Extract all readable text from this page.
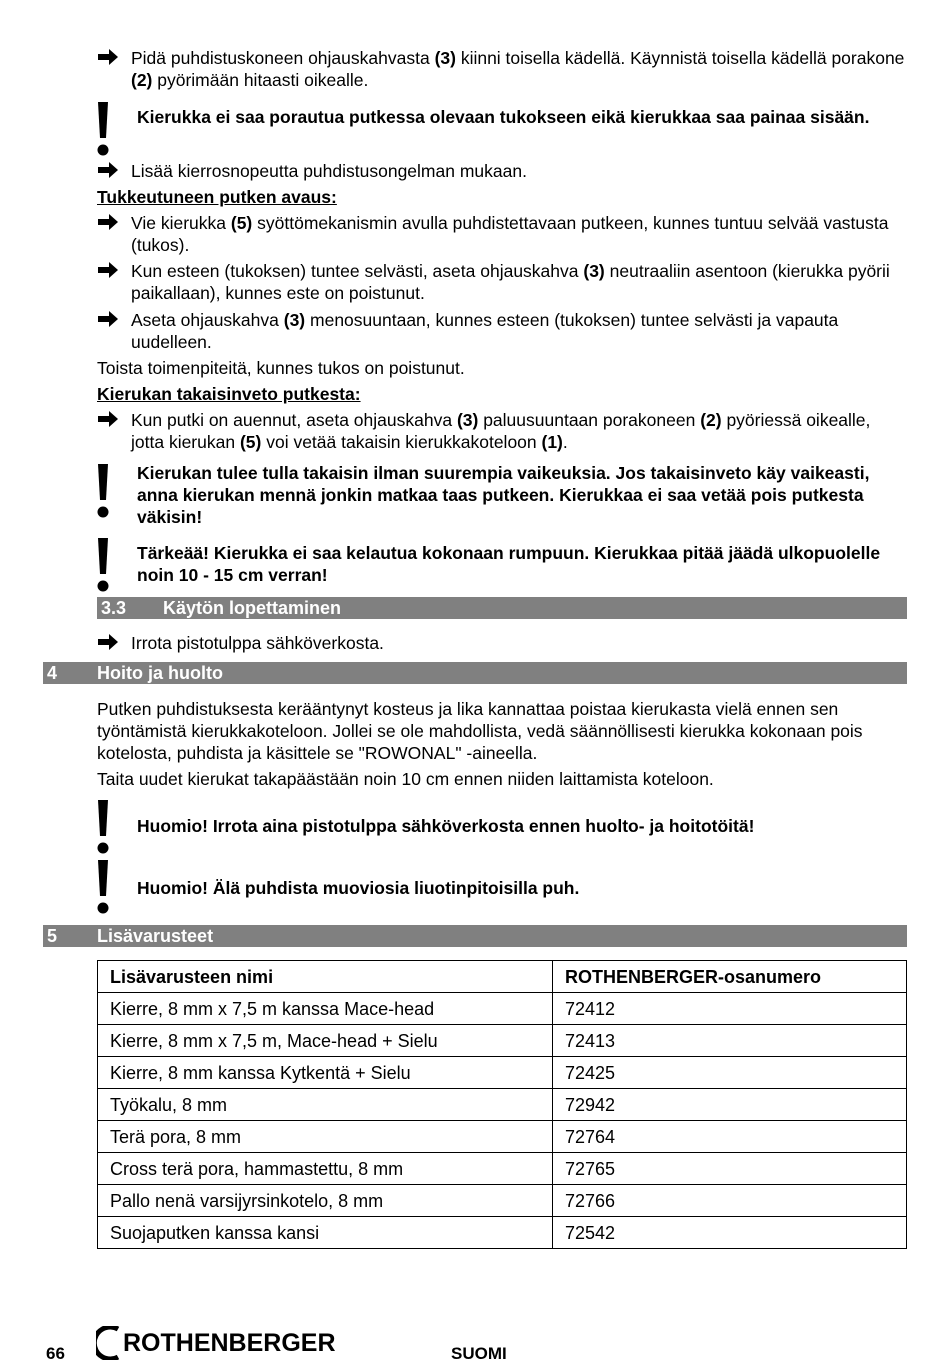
Pidä puhdistuskoneen ohjauskahvasta (3) kiinni toisella kädellä. Käynnistä toisella kädellä porakone (2) pyörimään hitaasti oikealle.
Kierukka ei saa porautua putkessa olevaan tukokseen eikä kierukkaa saa painaa sisään.
Lisää kierrosnopeutta puhdistusongelman mukaan.
Tukkeutuneen putken avaus:
Vie kierukka (5) syöttömekanismin avulla puhdistettavaan putkeen, kunnes tuntuu selvää vastusta (tukos).
Kun esteen (tukoksen) tuntee selvästi, aseta ohjauskahva (3) neutraaliin asentoon (kierukka pyörii paikallaan), kunnes este on poistunut.
Aseta ohjauskahva (3) menosuuntaan, kunnes esteen (tukoksen) tuntee selvästi ja vapauta uudelleen.
Toista toimenpiteitä, kunnes tukos on poistunut.
Kierukan takaisinveto putkesta:
Kun putki on auennut, aseta ohjauskahva (3) paluusuuntaan porakoneen (2) pyöriessä oikealle, jotta kierukan (5) voi vetää takaisin kierukkakoteloon (1).
Kierukan tulee tulla takaisin ilman suurempia vaikeuksia. Jos takaisinveto käy vaikeasti, anna kierukan mennä jonkin matkaa taas putkeen. Kierukkaa ei saa vetää pois putkesta väkisin!
Tärkeää! Kierukka ei saa kelautua kokonaan rumpuun. Kierukkaa pitää jäädä ulkopuolelle noin 10 - 15 cm verran!
3.3 Käytön lopettaminen
Irrota pistotulppa sähköverkosta.
4 Hoito ja huolto
Putken puhdistuksesta kerääntynyt kosteus ja lika kannattaa poistaa kierukasta vielä ennen sen työntämistä kierukkakoteloon. Jollei se ole mahdollista, vedä säännöllisesti kierukka kokonaan pois kotelosta, puhdista ja käsittele se "ROWONAL" -aineella.
Taita uudet kierukat takapäästään noin 10 cm ennen niiden laittamista koteloon.
Huomio! Irrota aina pistotulppa sähköverkosta ennen huolto- ja hoitotöitä!
Huomio! Älä puhdista muoviosia liuotinpitoisilla puh.
5 Lisävarusteet
Lisävarusteen nimi	ROTHENBERGER-osanumero
Kierre, 8 mm x 7,5 m kanssa Mace-head	72412
Kierre, 8 mm x 7,5 m, Mace-head + Sielu	72413
Kierre, 8 mm kanssa Kytkentä + Sielu	72425
Työkalu, 8 mm	72942
Terä pora, 8 mm	72764
Cross terä pora, hammastettu, 8 mm	72765
Pallo nenä varsijyrsinkotelo, 8 mm	72766
Suojaputken kanssa kansi	72542
66 ROTHENBERGER	SUOMI
